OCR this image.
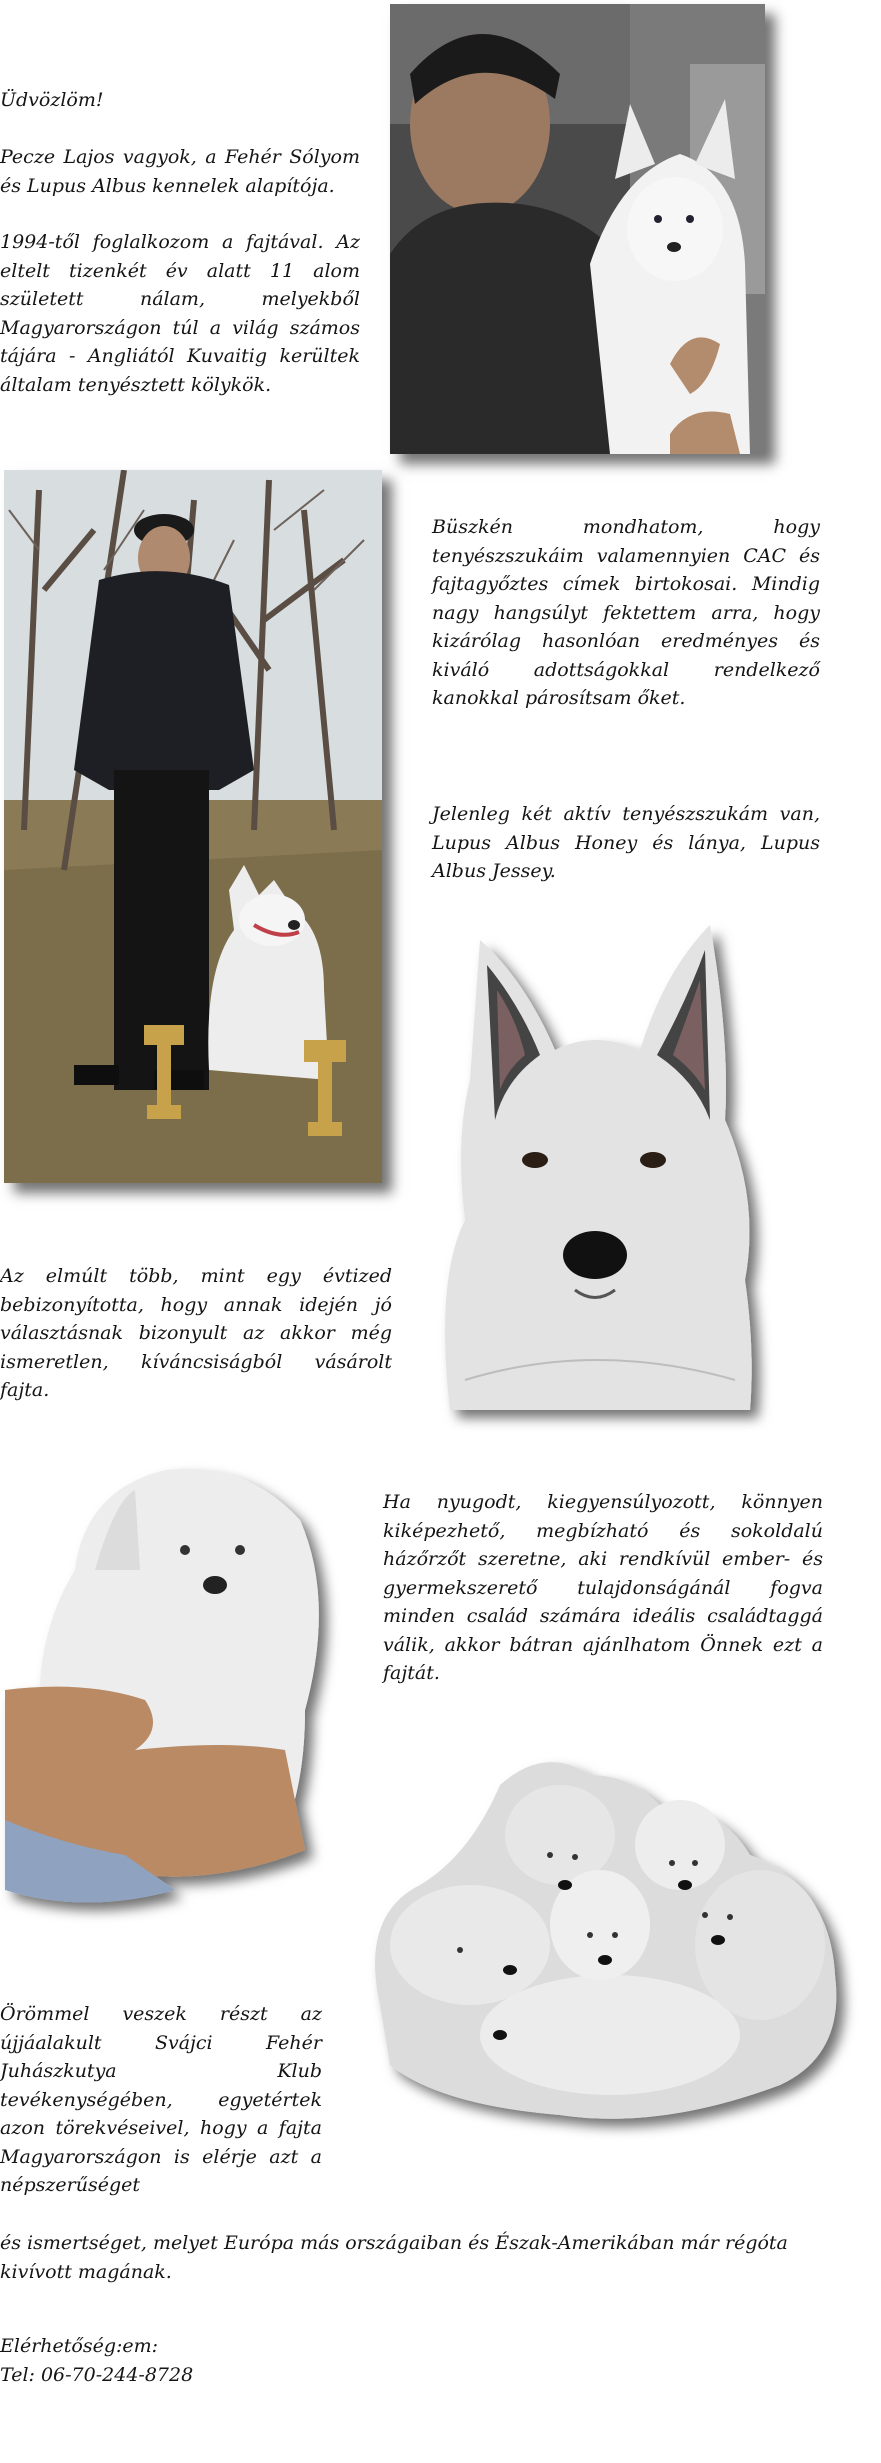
Üdvözlöm!
Pecze Lajos vagyok, a Fehér Sólyom és Lupus Albus kennelek alapítója.
1994-től foglalkozom a fajtával. Az eltelt tizenkét év alatt 11 alom született nálam, melyekből Magyarországon túl a világ számos tájára - Angliától Kuvaitig kerültek általam tenyésztett kölykök.
Büszkén mondhatom, hogy tenyészszukáim valamennyien CAC és fajtagyőztes címek birtokosai. Mindig nagy hangsúlyt fektettem arra, hogy kizárólag hasonlóan eredményes és kiváló adottságokkal rendelkező kanokkal párosítsam őket.
Jelenleg két aktív tenyészszukám van, Lupus Albus Honey és lánya, Lupus Albus Jessey.
Az elmúlt több, mint egy évtized bebizonyította, hogy annak idején jó választásnak bizonyult az akkor még ismeretlen, kíváncsiságból vásárolt fajta.
Ha nyugodt, kiegyensúlyozott, könnyen kiképezhető, megbízható és sokoldalú házőrzőt szeretne, aki rendkívül ember- és gyermekszerető tulajdonságánál fogva minden család számára ideális családtaggá válik, akkor bátran ajánlhatom Önnek ezt a fajtát.
Örömmel veszek részt az újjáalakult Svájci Fehér Juhászkutya Klub tevékenységében, egyetértek azon törekvéseivel, hogy a fajta Magyarországon is elérje azt a népszerűséget
és ismertséget, melyet Európa más országaiban és Észak-Amerikában már régóta kivívott magának.
Elérhetőség:em:
Tel: 06-70-244-8728
